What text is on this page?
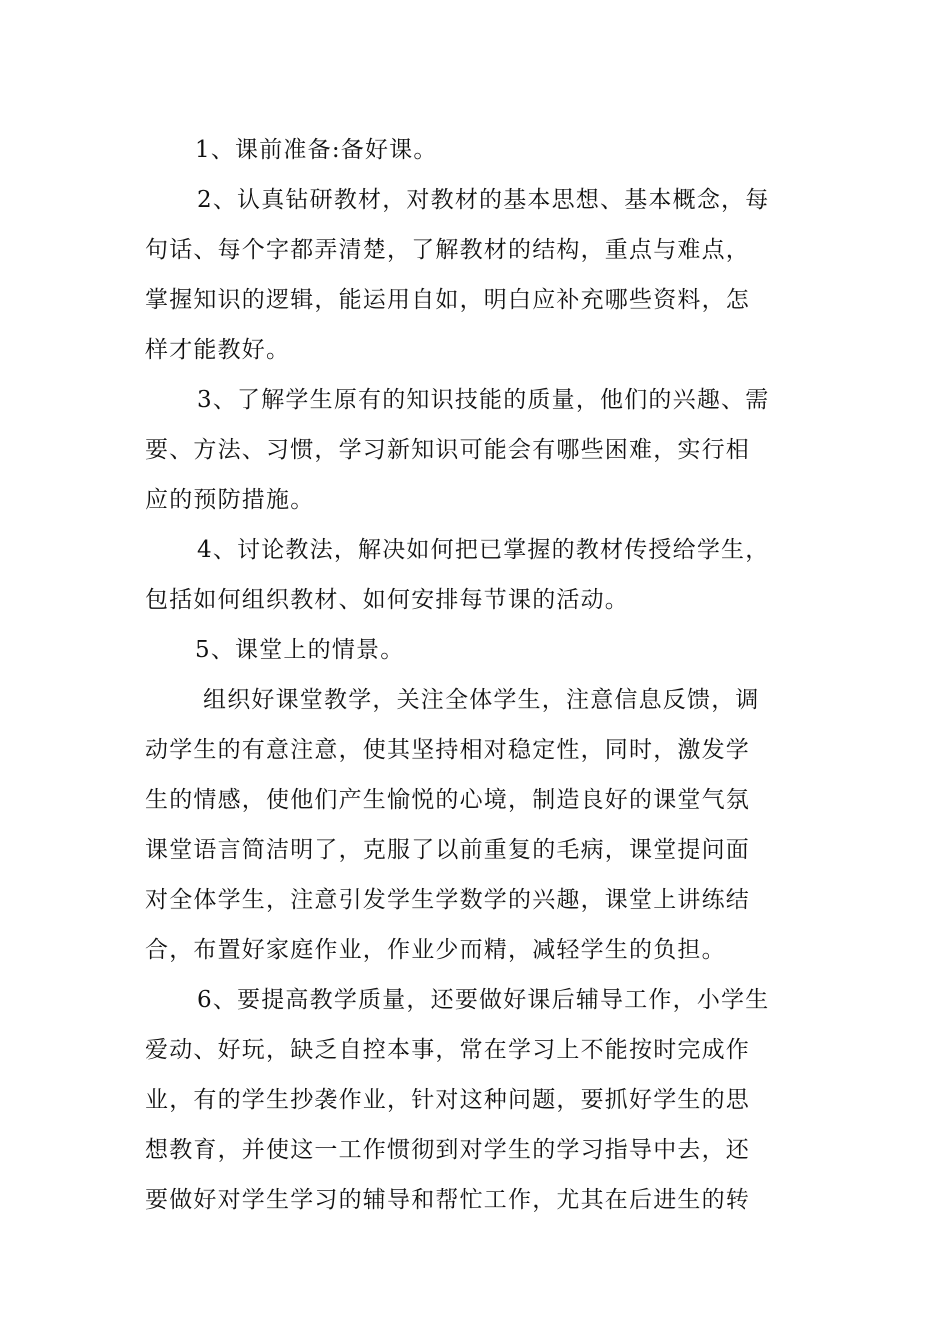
1、课前准备:备好课。
2、认真钻研教材，对教材的基本思想、基本概念，每
句话、每个字都弄清楚，了解教材的结构，重点与难点，
掌握知识的逻辑，能运用自如，明白应补充哪些资料，怎
样才能教好。
3、了解学生原有的知识技能的质量，他们的兴趣、需
要、方法、习惯，学习新知识可能会有哪些困难，实行相
应的预防措施。
4、讨论教法，解决如何把已掌握的教材传授给学生，
包括如何组织教材、如何安排每节课的活动。
5、课堂上的情景。
组织好课堂教学，关注全体学生，注意信息反馈，调
动学生的有意注意，使其坚持相对稳定性，同时，激发学
生的情感，使他们产生愉悦的心境，制造良好的课堂气氛
课堂语言简洁明了，克服了以前重复的毛病，课堂提问面
对全体学生，注意引发学生学数学的兴趣，课堂上讲练结
合，布置好家庭作业，作业少而精，减轻学生的负担。
6、要提高教学质量，还要做好课后辅导工作，小学生
爱动、好玩，缺乏自控本事，常在学习上不能按时完成作
业，有的学生抄袭作业，针对这种问题，要抓好学生的思
想教育，并使这一工作惯彻到对学生的学习指导中去，还
要做好对学生学习的辅导和帮忙工作，尤其在后进生的转
